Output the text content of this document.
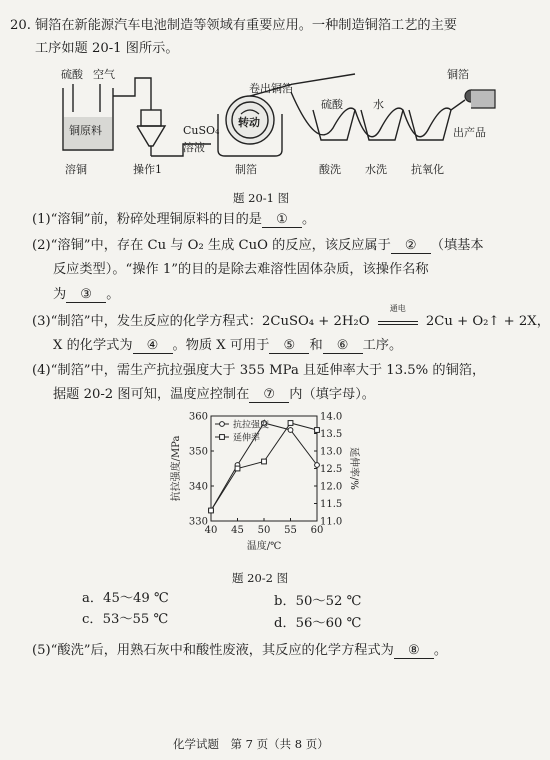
20. 铜箔在新能源汽车电池制造等领域有重要应用。一种制造铜箔工艺的主要
工序如题 20-1 图所示。
硫酸 空气
铜原料	CuSO₄
溶液
卷出铜箔
转动
硫酸	水
铜箔
出产品
溶铜	操作1	制箔	酸洗 水洗 抗氧化
题 20-1 图
(1)“溶铜”前，粉碎处理铜原料的目的是 ① 。
(2)“溶铜”中，存在 Cu 与 O₂ 生成 CuO 的反应，该反应属于 ② （填基本
反应类型）。“操作 1”的目的是除去难溶性固体杂质，该操作名称
为 ③ 。
(3)“制箔”中，发生反应的化学方程式：2CuSO₄ + 2H₂O
通电
2Cu + O₂↑ + 2X，
X 的化学式为 ④ 。物质 X 可用于 ⑤ 和 ⑥ 工序。
(4)“制箔”中，需生产抗拉强度大于 355 MPa 且延伸率大于 13.5% 的铜箔，
据题 20-2 图可知，温度应控制在 ⑦ 内（填字母）。
40 45 50 55 60
330
340
350
360
11.0
11.5
12.0
12.5
13.0
13.5
14.0
温度/℃
抗拉强度/MPa	延伸率/%
抗拉强度
延伸率
题 20-2 图
a．45～49 ℃	b．50～52 ℃
c．53～55 ℃	d．56～60 ℃
(5)“酸洗”后，用熟石灰中和酸性废液，其反应的化学方程式为 ⑧ 。
化学试题　第 7 页（共 8 页）
